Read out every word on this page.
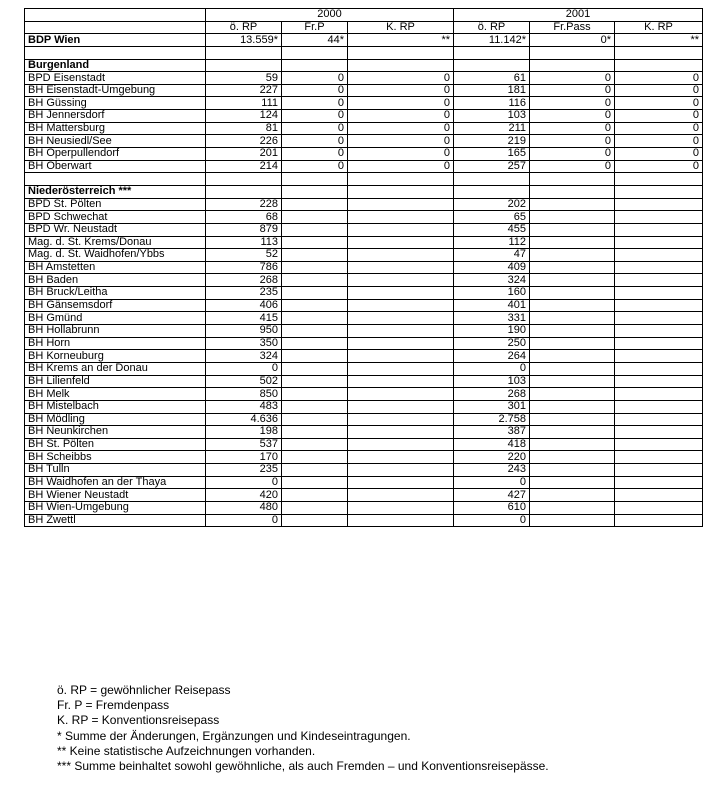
	2000			2001		
	ö. RP	Fr.P	K. RP	ö. RP	Fr.Pass	K. RP
BDP Wien	13.559*	44*	**	11.142*	0*	**

Burgenland						
BPD Eisenstadt	59	0	0	61	0	0
BH Eisenstadt-Umgebung	227	0	0	181	0	0
BH Güssing	111	0	0	116	0	0
BH Jennersdorf	124	0	0	103	0	0
BH Mattersburg	81	0	0	211	0	0
BH Neusiedl/See	226	0	0	219	0	0
BH Operpullendorf	201	0	0	165	0	0
BH Oberwart	214	0	0	257	0	0

Niederösterreich ***						
BPD St. Pölten	228			202		
BPD Schwechat	68			65		
BPD Wr. Neustadt	879			455		
Mag. d. St. Krems/Donau	113			112		
Mag. d. St. Waidhofen/Ybbs	52			47		
BH Amstetten	786			409		
BH Baden	268			324		
BH Bruck/Leitha	235			160		
BH Gänsemsdorf	406			401		
BH Gmünd	415			331		
BH Hollabrunn	950			190		
BH Horn	350			250		
BH Korneuburg	324			264		
BH Krems an der Donau	0			0		
BH Lilienfeld	502			103		
BH Melk	850			268		
BH Mistelbach	483			301		
BH Mödling	4.636			2.758		
BH Neunkirchen	198			387		
BH St. Pölten	537			418		
BH Scheibbs	170			220		
BH Tulln	235			243		
BH Waidhofen an der Thaya	0			0		
BH Wiener Neustadt	420			427		
BH Wien-Umgebung	480			610		
BH Zwettl	0			0		
ö. RP = gewöhnlicher Reisepass
Fr. P = Fremdenpass
K. RP = Konventionsreisepass
* Summe der Änderungen, Ergänzungen und Kindeseintragungen.
** Keine statistische Aufzeichnungen vorhanden.
*** Summe beinhaltet sowohl gewöhnliche, als auch Fremden – und Konventionsreisepässe.
